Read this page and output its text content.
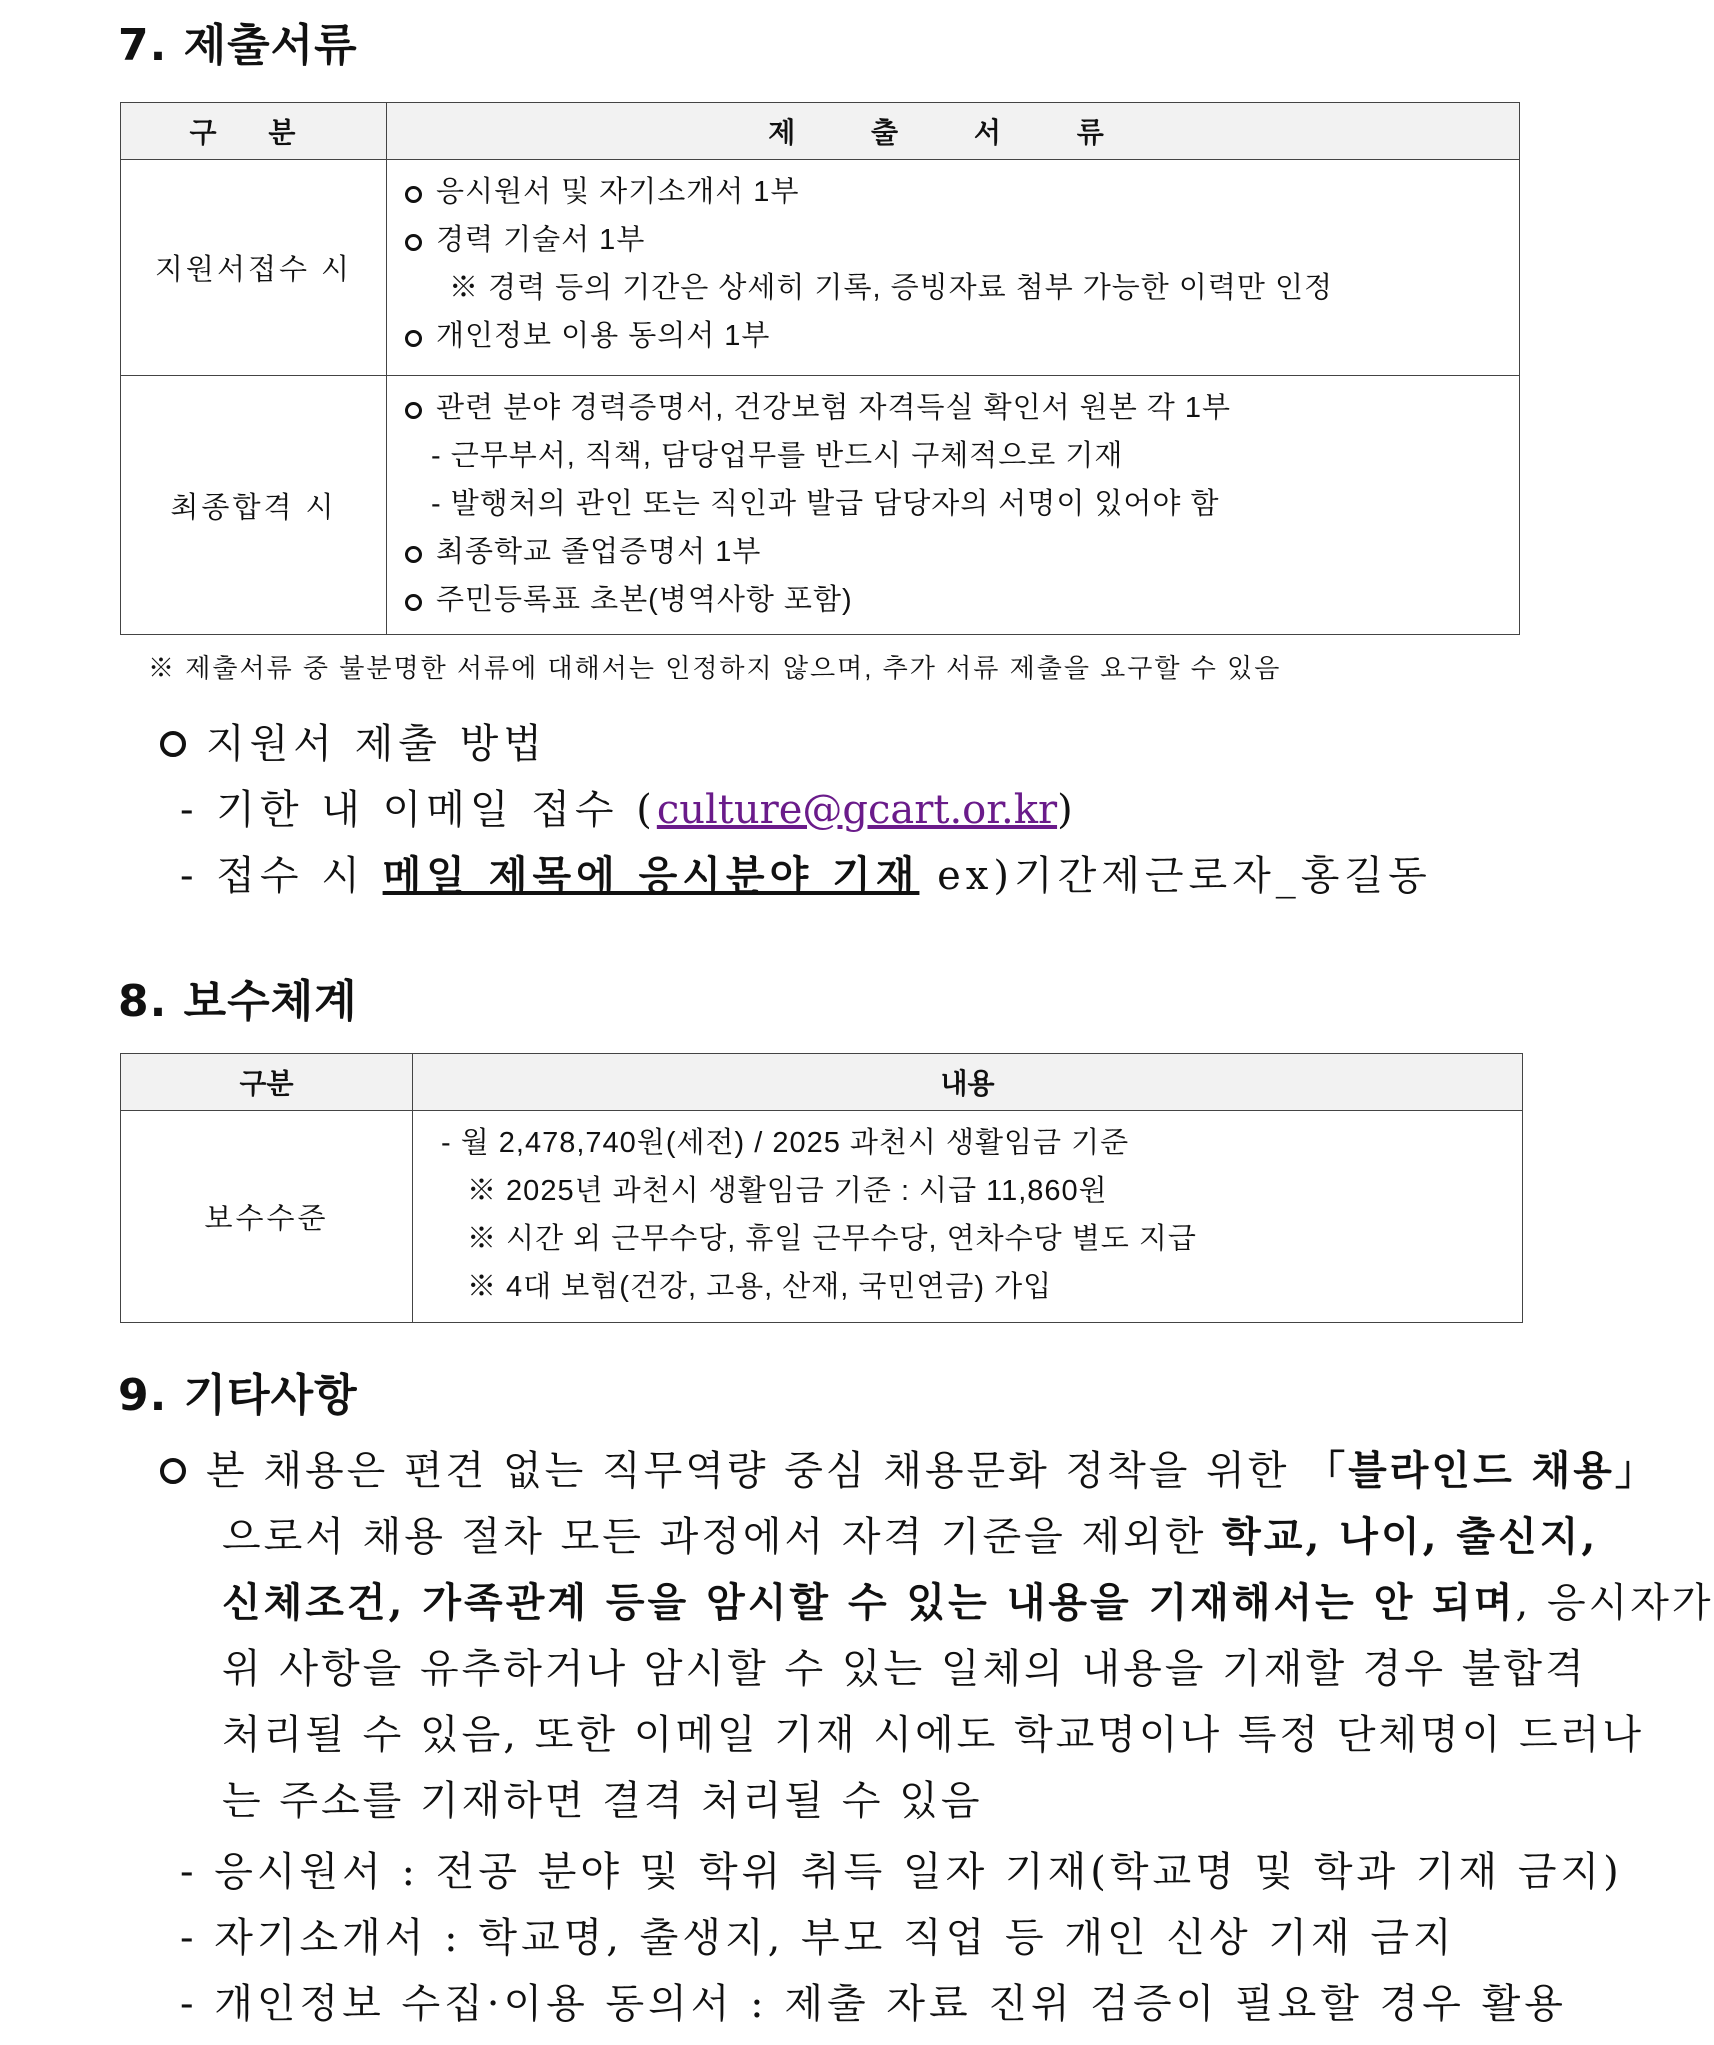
7. 제출서류
구 분	제 출 서 류
지원서접수 시	응시원서 및 자기소개서 1부
경력 기술서 1부
※ 경력 등의 기간은 상세히 기록, 증빙자료 첨부 가능한 이력만 인정
개인정보 이용 동의서 1부

최종합격 시	관련 분야 경력증명서, 건강보험 자격득실 확인서 원본 각 1부
- 근무부서, 직책, 담당업무를 반드시 구체적으로 기재
- 발행처의 관인 또는 직인과 발급 담당자의 서명이 있어야 함
최종학교 졸업증명서 1부
주민등록표 초본(병역사항 포함)
※ 제출서류 중 불분명한 서류에 대해서는 인정하지 않으며, 추가 서류 제출을 요구할 수 있음
지원서 제출 방법
- 기한 내 이메일 접수 (culture@gcart.or.kr)
- 접수 시 메일 제목에 응시분야 기재 ex)기간제근로자_홍길동
8. 보수체계
구분	내용
보수수준	- 월 2,478,740원(세전) / 2025 과천시 생활임금 기준
※ 2025년 과천시 생활임금 기준 : 시급 11,860원
※ 시간 외 근무수당, 휴일 근무수당, 연차수당 별도 지급
※ 4대 보험(건강, 고용, 산재, 국민연금) 가입
9. 기타사항
본 채용은 편견 없는 직무역량 중심 채용문화 정착을 위한 「블라인드 채용」
으로서 채용 절차 모든 과정에서 자격 기준을 제외한 학교, 나이, 출신지,
신체조건, 가족관계 등을 암시할 수 있는 내용을 기재해서는 안 되며, 응시자가
위 사항을 유추하거나 암시할 수 있는 일체의 내용을 기재할 경우 불합격
처리될 수 있음, 또한 이메일 기재 시에도 학교명이나 특정 단체명이 드러나
는 주소를 기재하면 결격 처리될 수 있음
- 응시원서 : 전공 분야 및 학위 취득 일자 기재(학교명 및 학과 기재 금지)
- 자기소개서 : 학교명, 출생지, 부모 직업 등 개인 신상 기재 금지
- 개인정보 수집·이용 동의서 : 제출 자료 진위 검증이 필요할 경우 활용
